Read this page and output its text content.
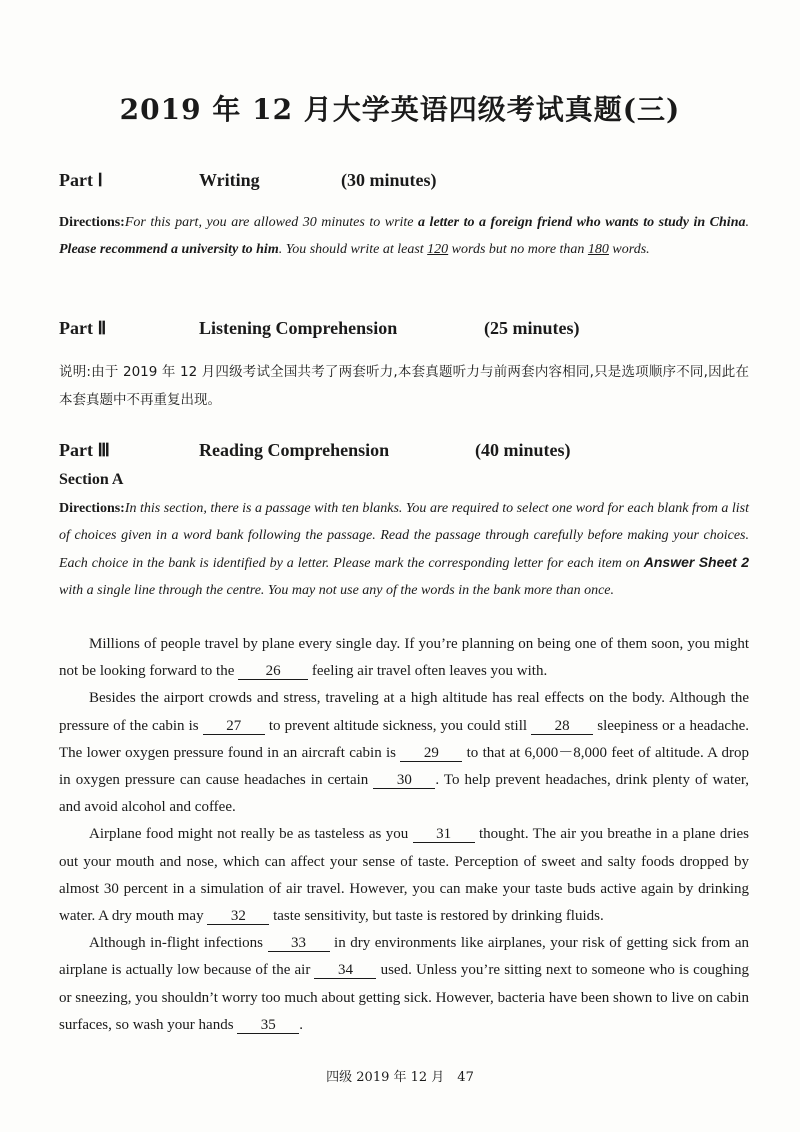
2019 年 12 月大学英语四级考试真题(三)
Part Ⅰ	Writing	(30 minutes)

Directions:For this part, you are allowed 30 minutes to write a letter to a foreign friend who wants to study in China. Please recommend a university to him. You should write at least 120 words but no more than 180 words.

Part Ⅱ	Listening Comprehension	(25 minutes)

说明:由于 2019 年 12 月四级考试全国共考了两套听力,本套真题听力与前两套内容相同,只是选项顺序不同,因此在本套真题中不再重复出现。

Part Ⅲ	Reading Comprehension	(40 minutes)
Section A

Directions:In this section, there is a passage with ten blanks. You are required to select one word for each blank from a list of choices given in a word bank following the passage. Read the passage through carefully before making your choices. Each choice in the bank is identified by a letter. Please mark the corresponding letter for each item on Answer Sheet 2 with a single line through the centre. You may not use any of the words in the bank more than once.

Millions of people travel by plane every single day. If you’re planning on being one of them soon, you might not be looking forward to the 26 feeling air travel often leaves you with.

Besides the airport crowds and stress, traveling at a high altitude has real effects on the body. Although the pressure of the cabin is 27 to prevent altitude sickness, you could still 28 sleepiness or a headache. The lower oxygen pressure found in an aircraft cabin is 29 to that at 6,000－8,000 feet of altitude. A drop in oxygen pressure can cause headaches in certain 30 . To help prevent headaches, drink plenty of water, and avoid alcohol and coffee.

Airplane food might not really be as tasteless as you 31 thought. The air you breathe in a plane dries out your mouth and nose, which can affect your sense of taste. Perception of sweet and salty foods dropped by almost 30 percent in a simulation of air travel. However, you can make your taste buds active again by drinking water. A dry mouth may 32 taste sensitivity, but taste is restored by drinking fluids.

Although in-flight infections 33 in dry environments like airplanes, your risk of getting sick from an airplane is actually low because of the air 34 used. Unless you’re sitting next to someone who is coughing or sneezing, you shouldn’t worry too much about getting sick. However, bacteria have been shown to live on cabin surfaces, so wash your hands 35 .

四级 2019 年 12 月　47
